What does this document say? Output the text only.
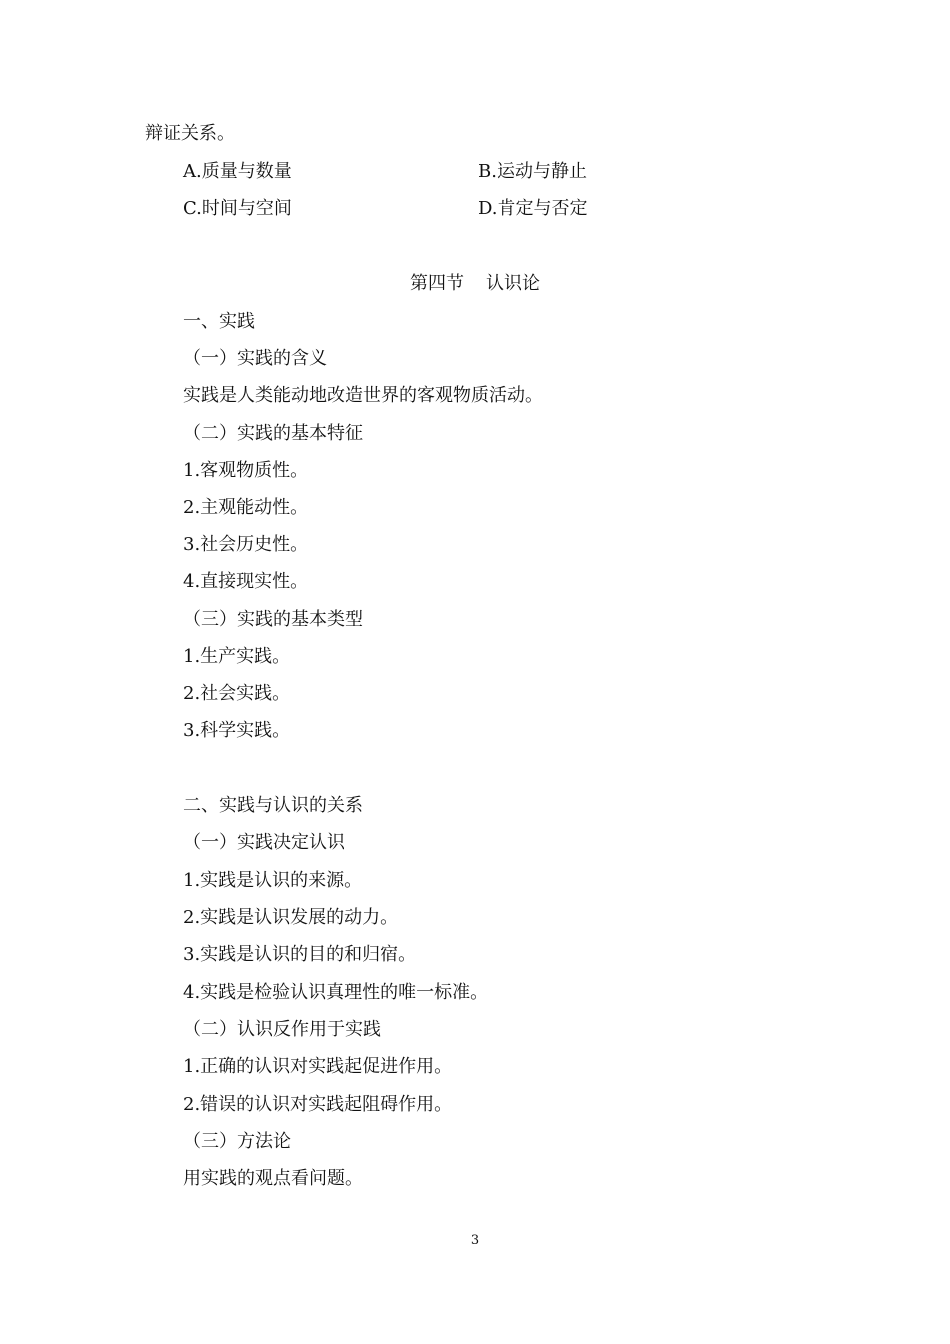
辩证关系。
A.质量与数量	B.运动与静止
C.时间与空间	D.肯定与否定
第四节 认识论
一、实践
（一）实践的含义
实践是人类能动地改造世界的客观物质活动。
（二）实践的基本特征
1.客观物质性。
2.主观能动性。
3.社会历史性。
4.直接现实性。
（三）实践的基本类型
1.生产实践。
2.社会实践。
3.科学实践。
二、实践与认识的关系
（一）实践决定认识
1.实践是认识的来源。
2.实践是认识发展的动力。
3.实践是认识的目的和归宿。
4.实践是检验认识真理性的唯一标准。
（二）认识反作用于实践
1.正确的认识对实践起促进作用。
2.错误的认识对实践起阻碍作用。
（三）方法论
用实践的观点看问题。
3
